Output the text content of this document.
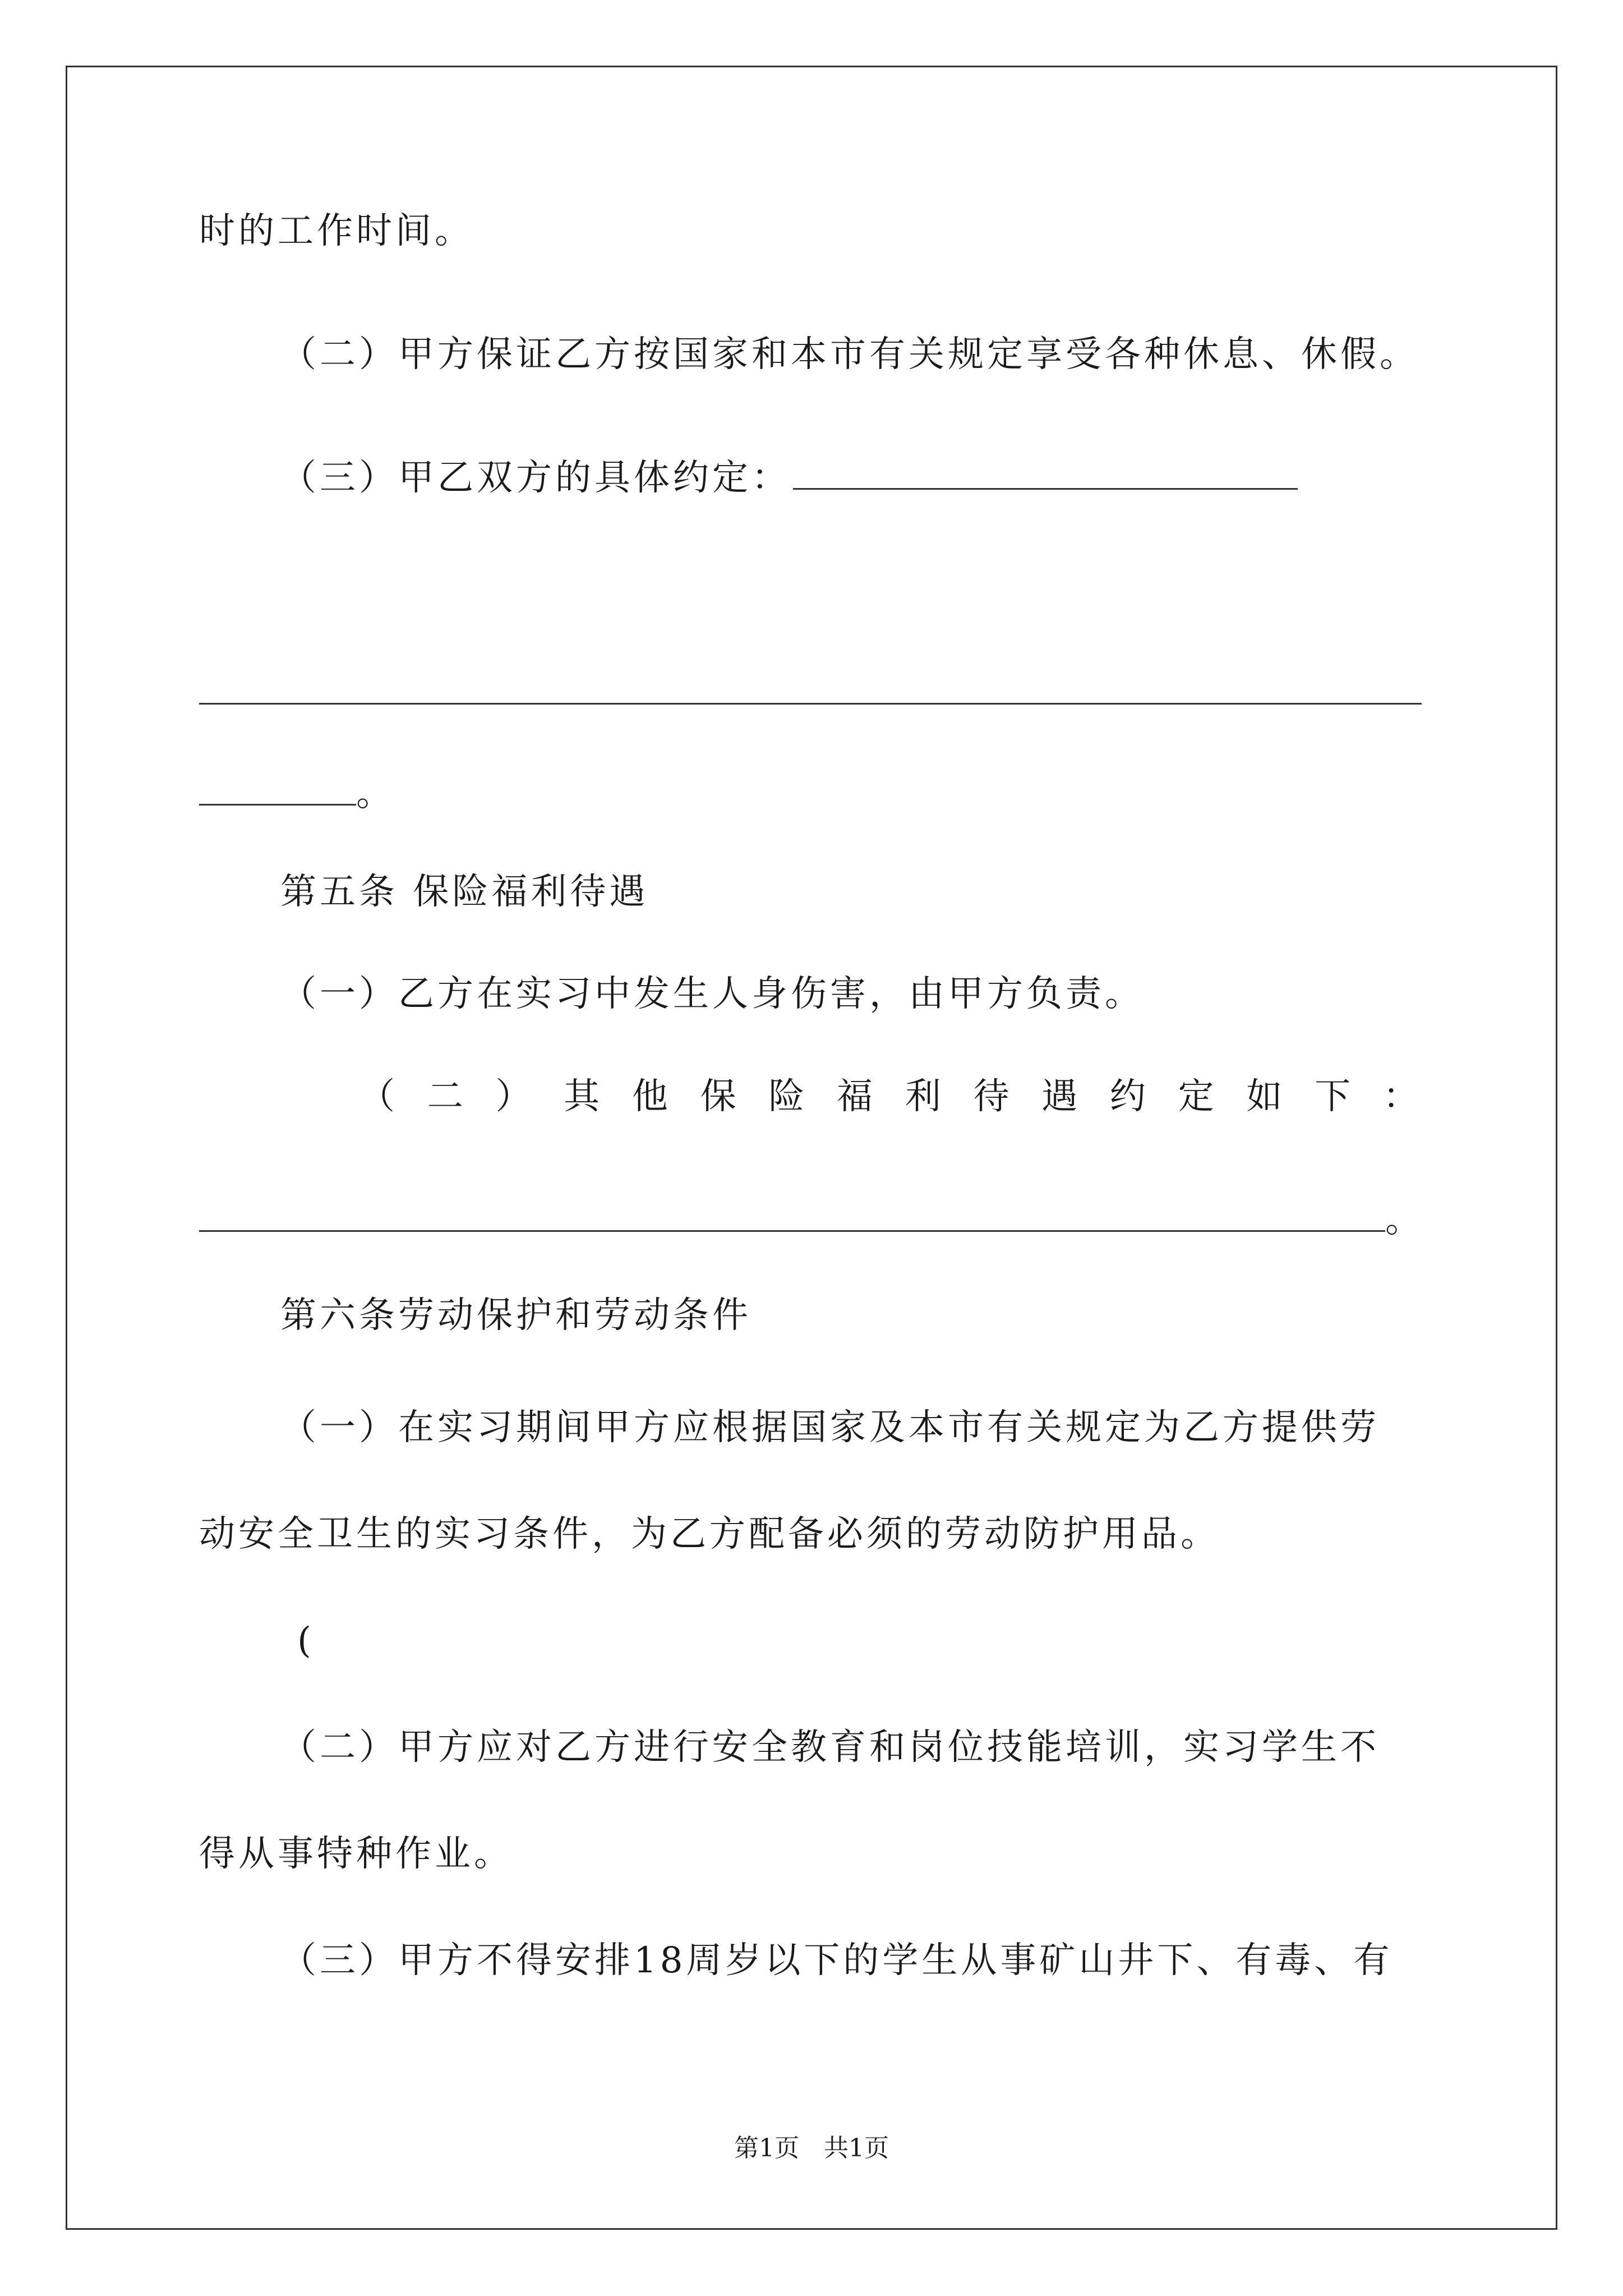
时的工作时间。
（二）甲方保证乙方按国家和本市有关规定享受各种休息、休假。
（三）甲乙双方的具体约定：
。
第五条 保险福利待遇
（一）乙方在实习中发生人身伤害，由甲方负责。
（ 二 ） 其 他 保 险 福 利 待 遇 约 定 如 下 ：
。
第六条劳动保护和劳动条件
（一）在实习期间甲方应根据国家及本市有关规定为乙方提供劳
动安全卫生的实习条件，为乙方配备必须的劳动防护用品。
(
（二）甲方应对乙方进行安全教育和岗位技能培训，实习学生不
得从事特种作业。
（三）甲方不得安排18周岁以下的学生从事矿山井下、有毒、有
第1页　共1页
